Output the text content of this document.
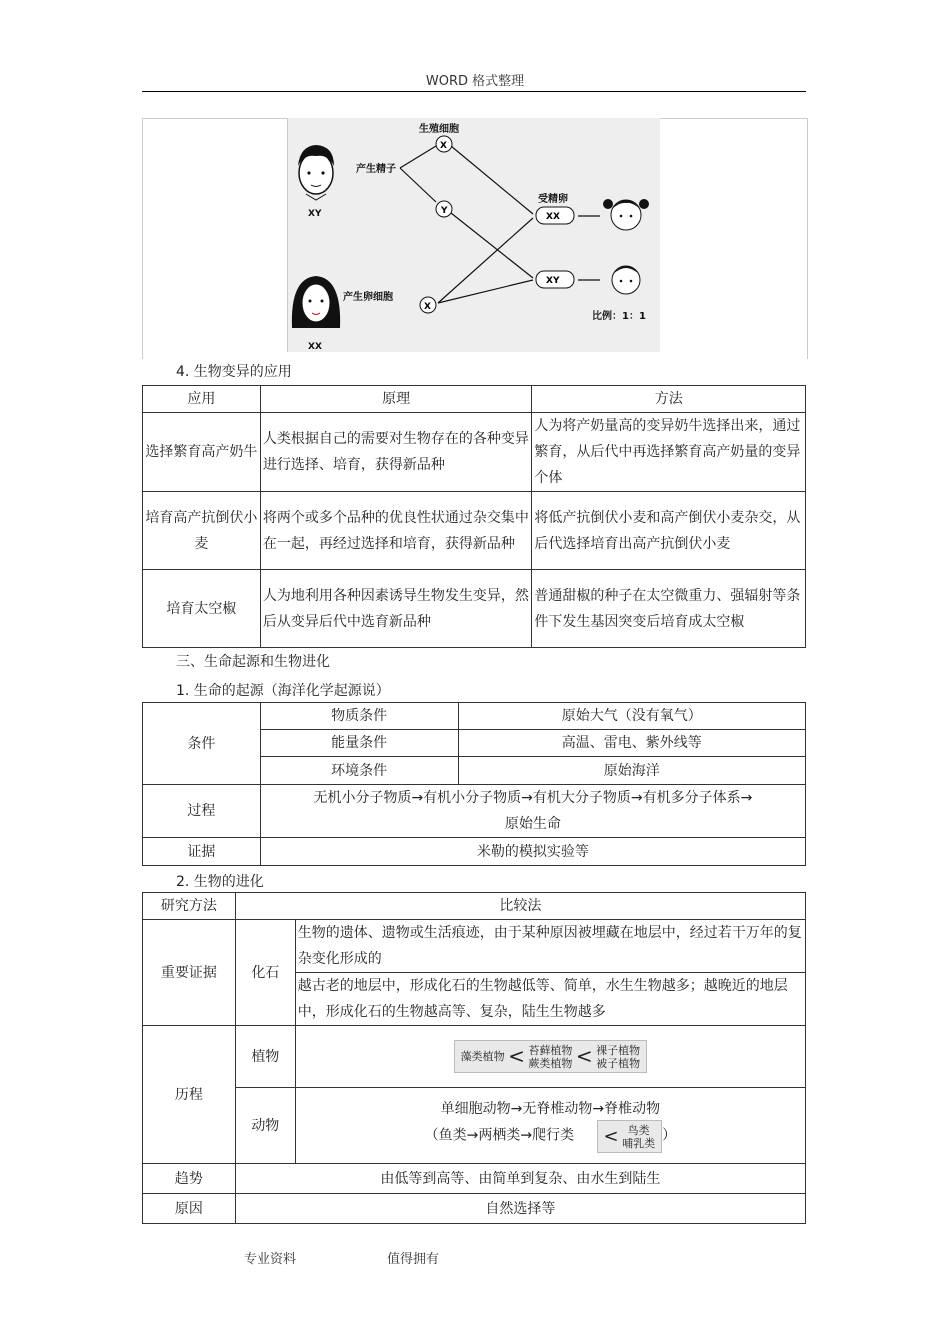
WORD 格式整理
XY
XX
生殖细胞
产生精子
产生卵细胞
受精卵
X
Y
X
XX
XY
比例：1：1
4. 生物变异的应用
应用	原理	方法
选择繁育高产奶牛	人类根据自己的需要对生物存在的各种变异进行选择、培育，获得新品种	人为将产奶量高的变异奶牛选择出来，通过繁育，从后代中再选择繁育高产奶量的变异个体
培育高产抗倒伏小麦	将两个或多个品种的优良性状通过杂交集中在一起，再经过选择和培育，获得新品种	将低产抗倒伏小麦和高产倒伏小麦杂交，从后代选择培育出高产抗倒伏小麦
培育太空椒	人为地利用各种因素诱导生物发生变异，然后从变异后代中选育新品种	普通甜椒的种子在太空微重力、强辐射等条件下发生基因突变后培育成太空椒
三、生命起源和生物进化
1. 生命的起源（海洋化学起源说）
条件	物质条件	原始大气（没有氧气）
	能量条件	高温、雷电、紫外线等
	环境条件	原始海洋
过程	无机小分子物质→有机小分子物质→有机大分子物质→有机多分子体系→
原始生命	

证据	米勒的模拟实验等	
2. 生物的进化
研究方法	比较法	
重要证据	化石	生物的遗体、遗物或生活痕迹，由于某种原因被埋藏在地层中，经过若干万年的复杂变化形成的
		越古老的地层中，形成化石的生物越低等、简单，水生生物越多；越晚近的地层中，形成化石的生物越高等、复杂，陆生生物越多
历程	植物	藻类植物 < 苔藓植物
蕨类植物 < 裸子植物
被子植物
	动物	单细胞动物→无脊椎动物→脊椎动物
（鱼类→两栖类→爬行类 < 鸟类
哺乳类 ）

趋势	由低等到高等、由简单到复杂、由水生到陆生	
原因	自然选择等	
专业资料	值得拥有
